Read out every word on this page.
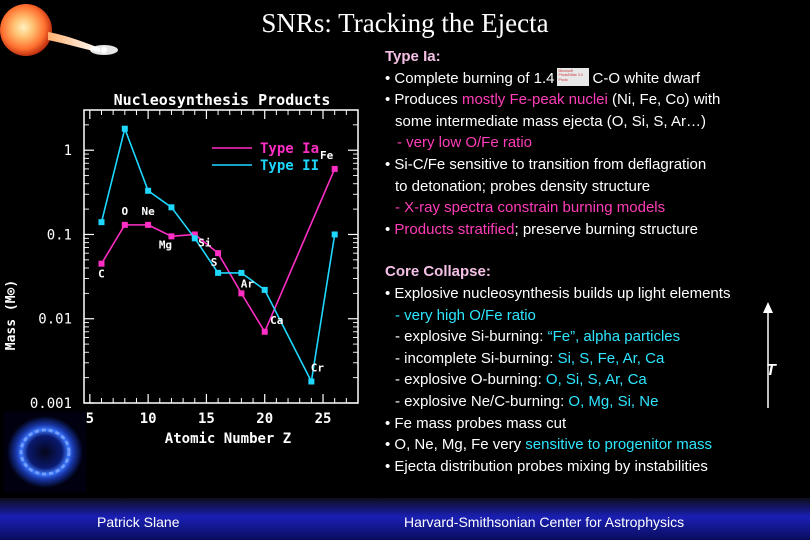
SNRs: Tracking the Ejecta
Nucleosynthesis Products
Mass (M⊙)
Atomic Number Z
5	10	15	20	25
1
0.1
0.01
0.001
C
O Ne
Mg Si
S
Ar
Ca
Cr
Fe
Type Ia
Type II
Type Ia:
• Complete burning of 1.4 Microsoft PhotoEditor 3.0 Photo C-O white dwarf
• Produces mostly Fe-peak nuclei (Ni, Fe, Co) with
some intermediate mass ejecta (O, Si, S, Ar…)
- very low O/Fe ratio
• Si-C/Fe sensitive to transition from deflagration
to detonation; probes density structure
- X-ray spectra constrain burning models
• Products stratified; preserve burning structure
Core Collapse:
• Explosive nucleosynthesis builds up light elements
- very high O/Fe ratio
- explosive Si-burning: “Fe”, alpha particles
- incomplete Si-burning: Si, S, Fe, Ar, Ca
- explosive O-burning: O, Si, S, Ar, Ca
- explosive Ne/C-burning: O, Mg, Si, Ne
• Fe mass probes mass cut
• O, Ne, Mg, Fe very sensitive to progenitor mass
• Ejecta distribution probes mixing by instabilities
T
Patrick Slane	Harvard-Smithsonian Center for Astrophysics
